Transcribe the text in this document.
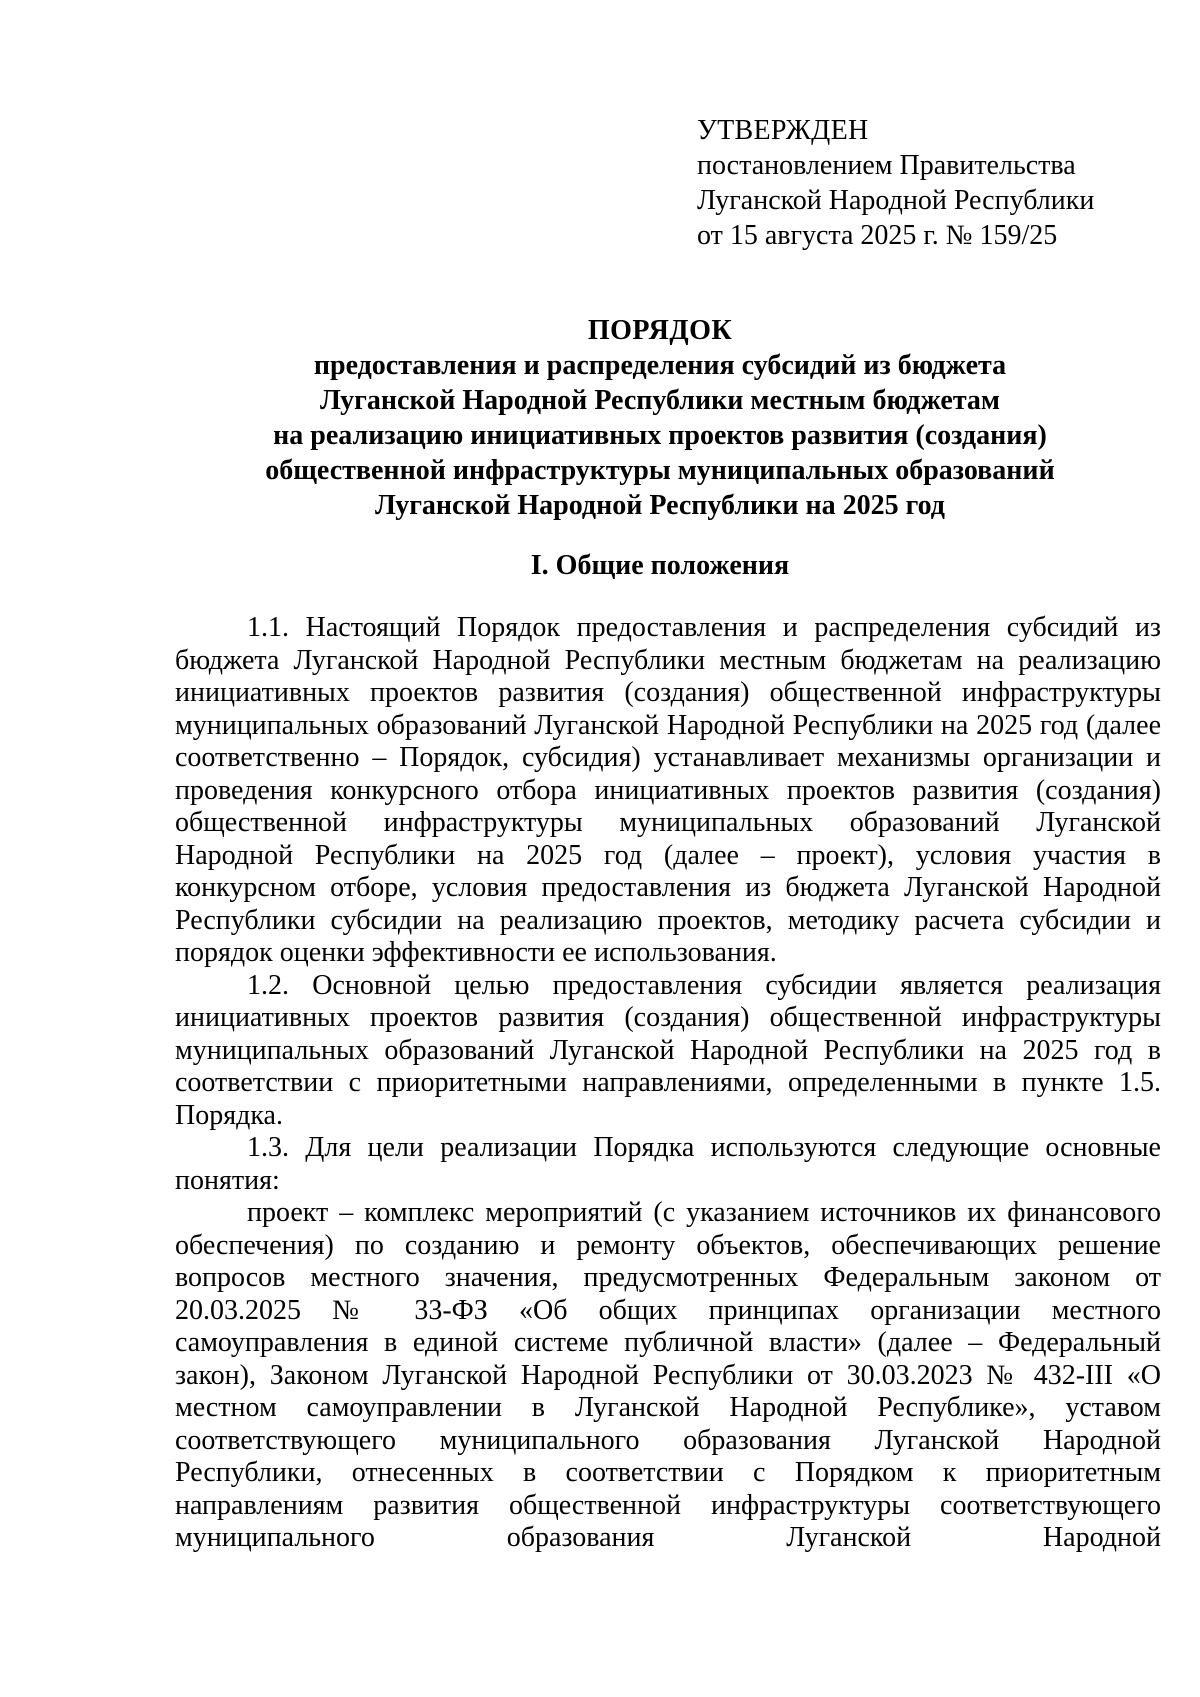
УТВЕРЖДЕН
постановлением Правительства
Луганской Народной Республики
от 15 августа 2025 г. № 159/25
ПОРЯДОК
предоставления и распределения субсидий из бюджета
Луганской Народной Республики местным бюджетам
на реализацию инициативных проектов развития (создания)
общественной инфраструктуры муниципальных образований
Луганской Народной Республики на 2025 год
I. Общие положения

1.1. Настоящий Порядок предоставления и распределения субсидий из бюджета Луганской Народной Республики местным бюджетам на реализацию инициативных проектов развития (создания) общественной инфраструктуры муниципальных образований Луганской Народной Республики на 2025 год (далее соответственно – Порядок, субсидия) устанавливает механизмы организации и проведения конкурсного отбора инициативных проектов развития (создания) общественной инфраструктуры муниципальных образований Луганской Народной Республики на 2025 год (далее – проект), условия участия в конкурсном отборе, условия предоставления из бюджета Луганской Народной Республики субсидии на реализацию проектов, методику расчета субсидии и порядок оценки эффективности ее использования.

1.2. Основной целью предоставления субсидии является реализация инициативных проектов развития (создания) общественной инфраструктуры муниципальных образований Луганской Народной Республики на 2025 год в соответствии с приоритетными направлениями, определенными в пункте 1.5. Порядка.

1.3. Для цели реализации Порядка используются следующие основные понятия:

проект – комплекс мероприятий (с указанием источников их финансового обеспечения) по созданию и ремонту объектов, обеспечивающих решение вопросов местного значения, предусмотренных Федеральным законом от 20.03.2025 № 33-ФЗ «Об общих принципах организации местного самоуправления в единой системе публичной власти» (далее – Федеральный закон), Законом Луганской Народной Республики от 30.03.2023 № 432-III «О местном самоуправлении в Луганской Народной Республике», уставом соответствующего муниципального образования Луганской Народной Республики, отнесенных в соответствии с Порядком к приоритетным направлениям развития общественной инфраструктуры соответствующего муниципального образования Луганской Народной
